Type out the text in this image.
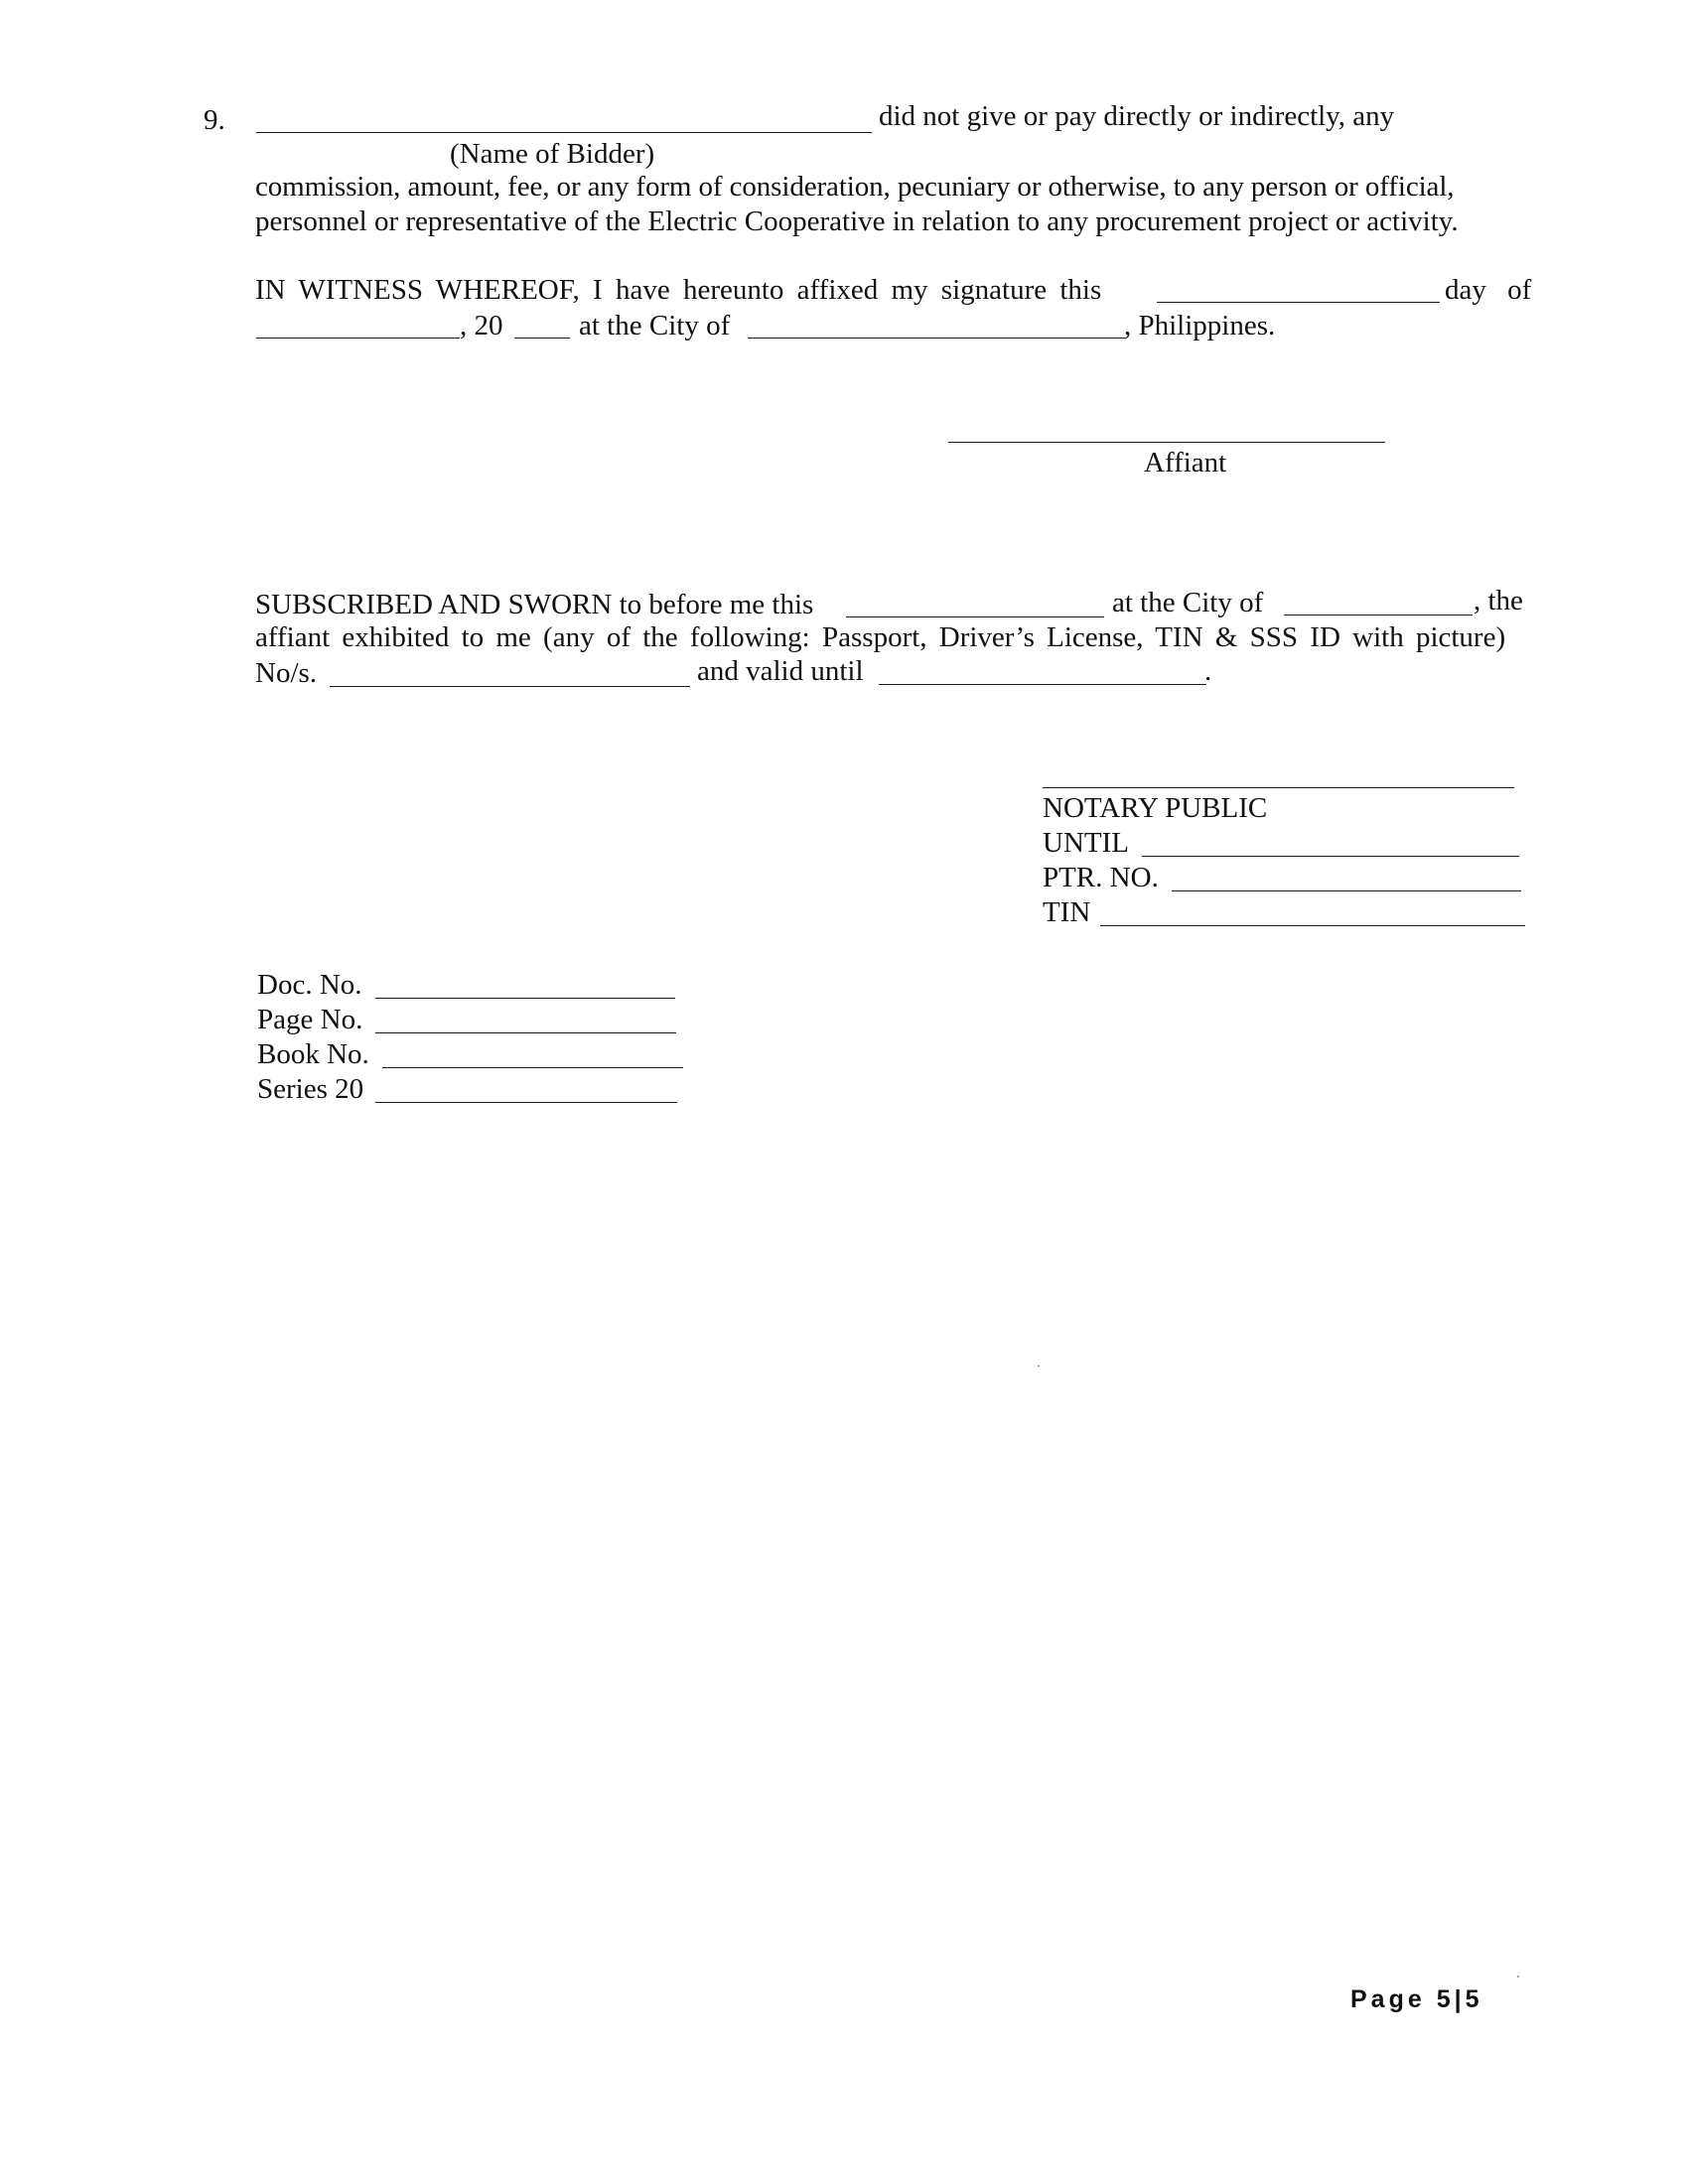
9.	did not give or pay directly or indirectly, any
(Name of Bidder)
commission, amount, fee, or any form of consideration, pecuniary or otherwise, to any person or official,
personnel or representative of the Electric Cooperative in relation to any procurement project or activity.
IN WITNESS WHEREOF, I have hereunto affixed my signature this	day of
, 20	at the City of	, Philippines.
Affiant
SUBSCRIBED AND SWORN to before me this	at the City of	, the
affiant exhibited to me (any of the following: Passport, Driver’s License, TIN & SSS ID with picture)
No/s.	and valid until	.
NOTARY PUBLIC
UNTIL
PTR. NO.
TIN
Doc. No.
Page No.
Book No.
Series 20
Page 5|5
